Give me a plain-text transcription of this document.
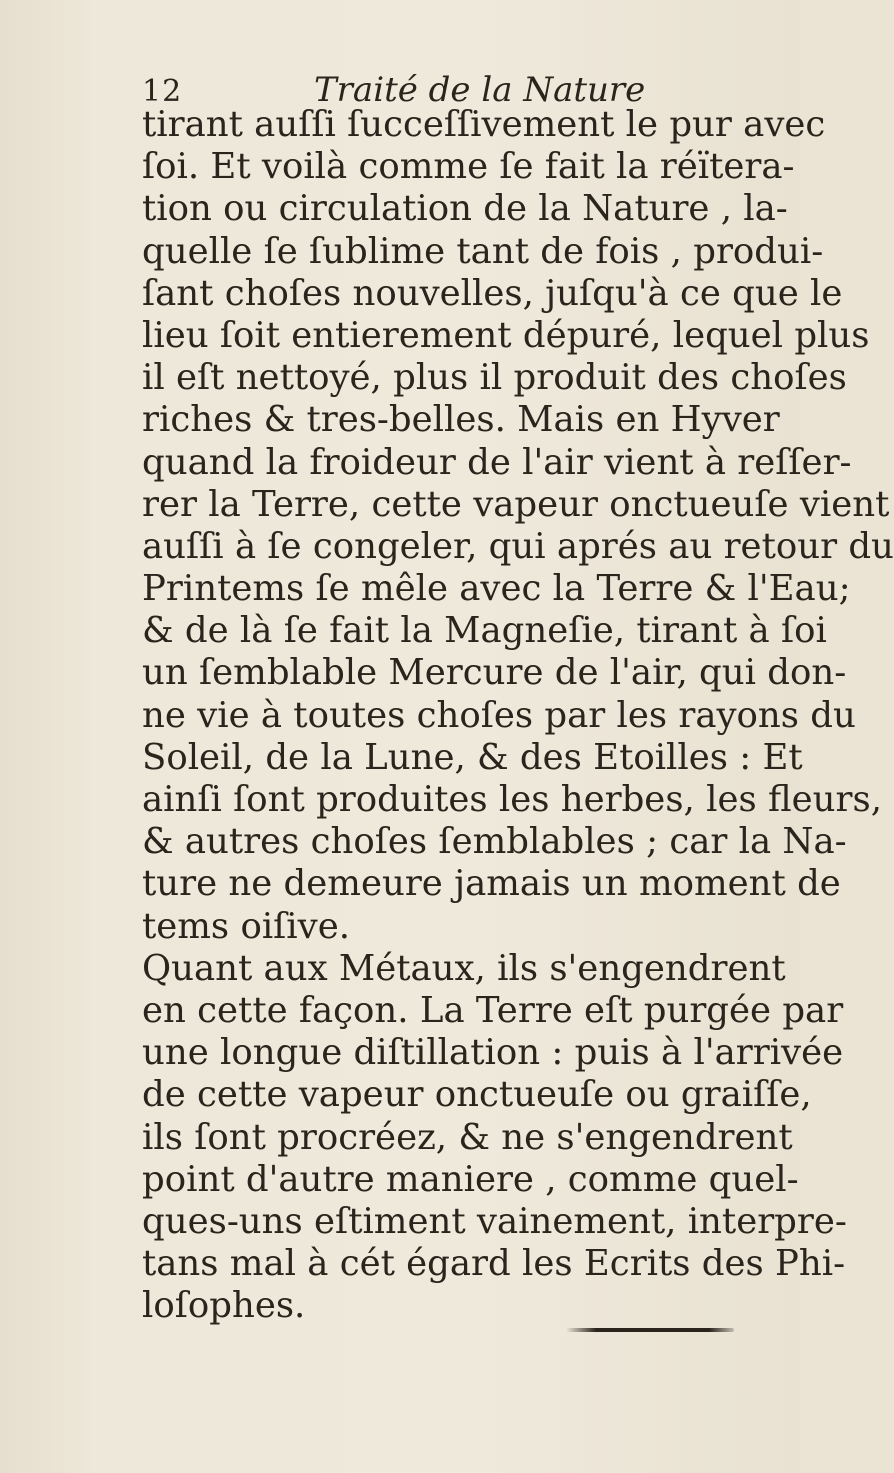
12	Traité de la Nature
tirant auſſi ſucceſſivement le pur avec
ſoi. Et voilà comme ſe fait la réïtera-
tion ou circulation de la Nature , la-
quelle ſe ſublime tant de fois , produi-
ſant choſes nouvelles, juſqu'à ce que le
lieu ſoit entierement dépuré, lequel plus
il eſt nettoyé, plus il produit des choſes
riches & tres-belles. Mais en Hyver
quand la froideur de l'air vient à reſſer-
rer la Terre, cette vapeur onctueuſe vient
auſſi à ſe congeler, qui aprés au retour du
Printems ſe mêle avec la Terre & l'Eau;
& de là ſe fait la Magneſie, tirant à ſoi
un ſemblable Mercure de l'air, qui don-
ne vie à toutes choſes par les rayons du
Soleil, de la Lune, & des Etoilles : Et
ainſi ſont produites les herbes, les fleurs,
& autres choſes ſemblables ; car la Na-
ture ne demeure jamais un moment de
tems oiſive.
Quant aux Métaux, ils s'engendrent
en cette façon. La Terre eſt purgée par
une longue diſtillation : puis à l'arrivée
de cette vapeur onctueuſe ou graiſſe,
ils ſont procréez, & ne s'engendrent
point d'autre maniere , comme quel-
ques-uns eſtiment vainement, interpre-
tans mal à cét égard les Ecrits des Phi-
loſophes.
